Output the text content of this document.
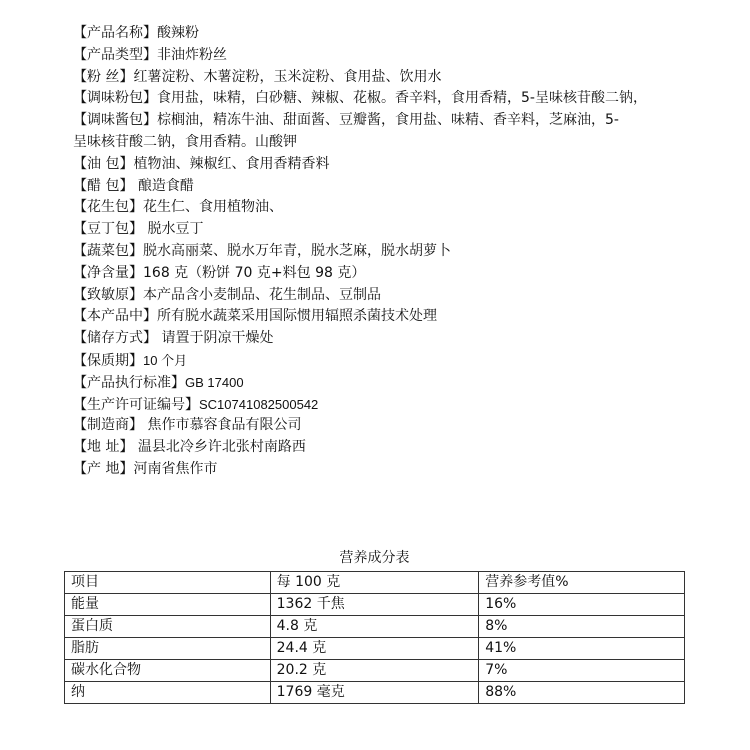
【产品名称】酸辣粉
【产品类型】非油炸粉丝
【粉 丝】红薯淀粉、木薯淀粉，玉米淀粉、食用盐、饮用水
【调味粉包】食用盐，味精，白砂糖、辣椒、花椒。香辛料，食用香精，5-呈味核苷酸二钠，
【调味酱包】棕榈油，精冻牛油、甜面酱、豆瓣酱，食用盐、味精、香辛料，芝麻油，5-
呈味核苷酸二钠，食用香精。山酸钾
【油 包】植物油、辣椒红、食用香精香料
【醋 包】 酿造食醋
【花生包】花生仁、食用植物油、
【豆丁包】 脱水豆丁
【蔬菜包】脱水高丽菜、脱水万年青，脱水芝麻，脱水胡萝卜
【净含量】168 克（粉饼 70 克+料包 98 克）
【致敏原】本产品含小麦制品、花生制品、豆制品
【本产品中】所有脱水蔬菜采用国际惯用辐照杀菌技术处理
【储存方式】 请置于阴凉干燥处
【保质期】10 个月
【产品执行标准】GB 17400
【生产许可证编号】SC10741082500542
【制造商】 焦作市慕容食品有限公司
【地 址】 温县北冷乡许北张村南路西
【产 地】河南省焦作市
营养成分表
项目	每 100 克	营养参考值%
能量	1362 千焦	16%
蛋白质	4.8 克	8%
脂肪	24.4 克	41%
碳水化合物	20.2 克	7%
纳	1769 毫克	88%
